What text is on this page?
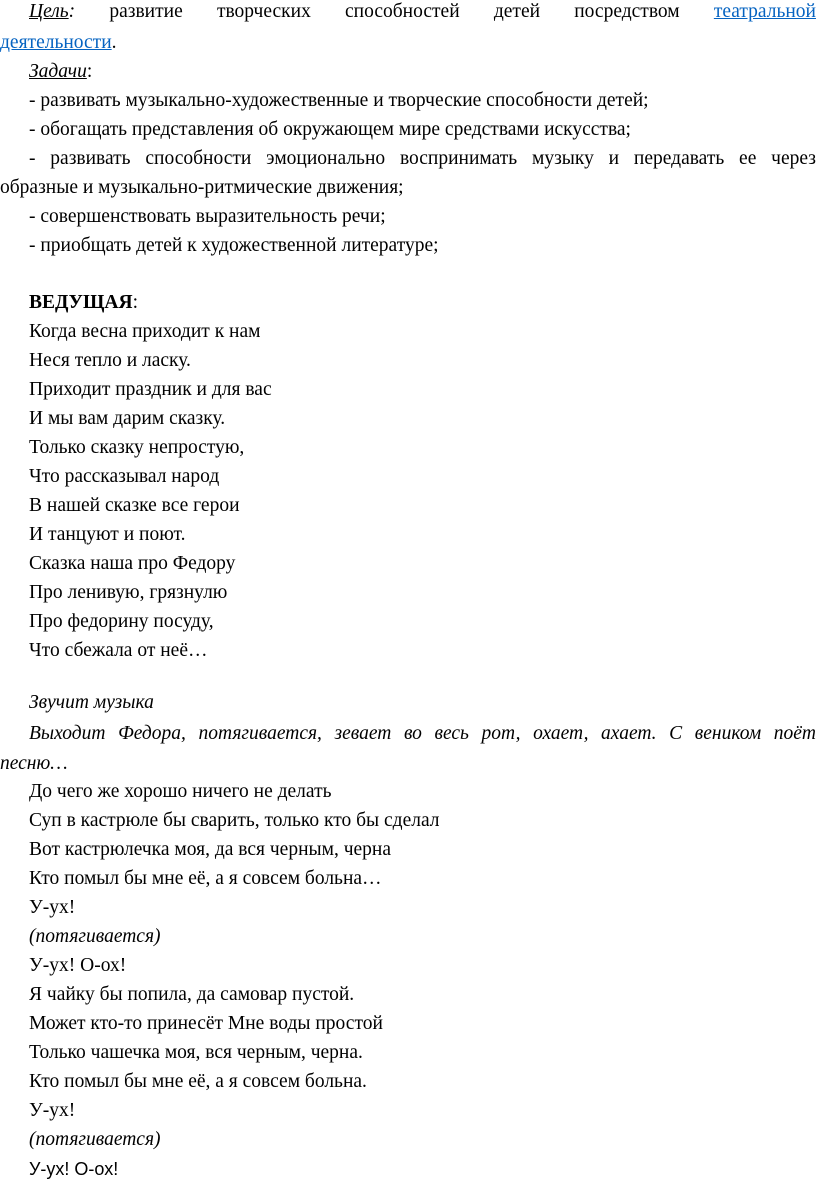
Цель: развитие творческих способностей детей посредством театральной
деятельности.
Задачи:
- развивать музыкально-художественные и творческие способности детей;
- обогащать представления об окружающем мире средствами искусства;
- развивать способности эмоционально воспринимать музыку и передавать ее через
образные и музыкально-ритмические движения;
- совершенствовать выразительность речи;
- приобщать детей к художественной литературе;
ВЕДУЩАЯ:
Когда весна приходит к нам
Неся тепло и ласку.
Приходит праздник и для вас
И мы вам дарим сказку.
Только сказку непростую,
Что рассказывал народ
В нашей сказке все герои
И танцуют и поют.
Сказка наша про Федору
Про ленивую, грязнулю
Про федорину посуду,
Что сбежала от неё…
Звучит музыка
Выходит Федора, потягивается, зевает во весь рот, охает, ахает. С веником поёт
песню…
До чего же хорошо ничего не делать
Суп в кастрюле бы сварить, только кто бы сделал
Вот кастрюлечка моя, да вся черным, черна
Кто помыл бы мне её, а я совсем больна…
У-ух!
(потягивается)
У-ух! О-ох!
Я чайку бы попила, да самовар пустой.
Может кто-то принесёт Мне воды простой
Только чашечка моя, вся черным, черна.
Кто помыл бы мне её, а я совсем больна.
У-ух!
(потягивается)
У-ух! О-ох!
